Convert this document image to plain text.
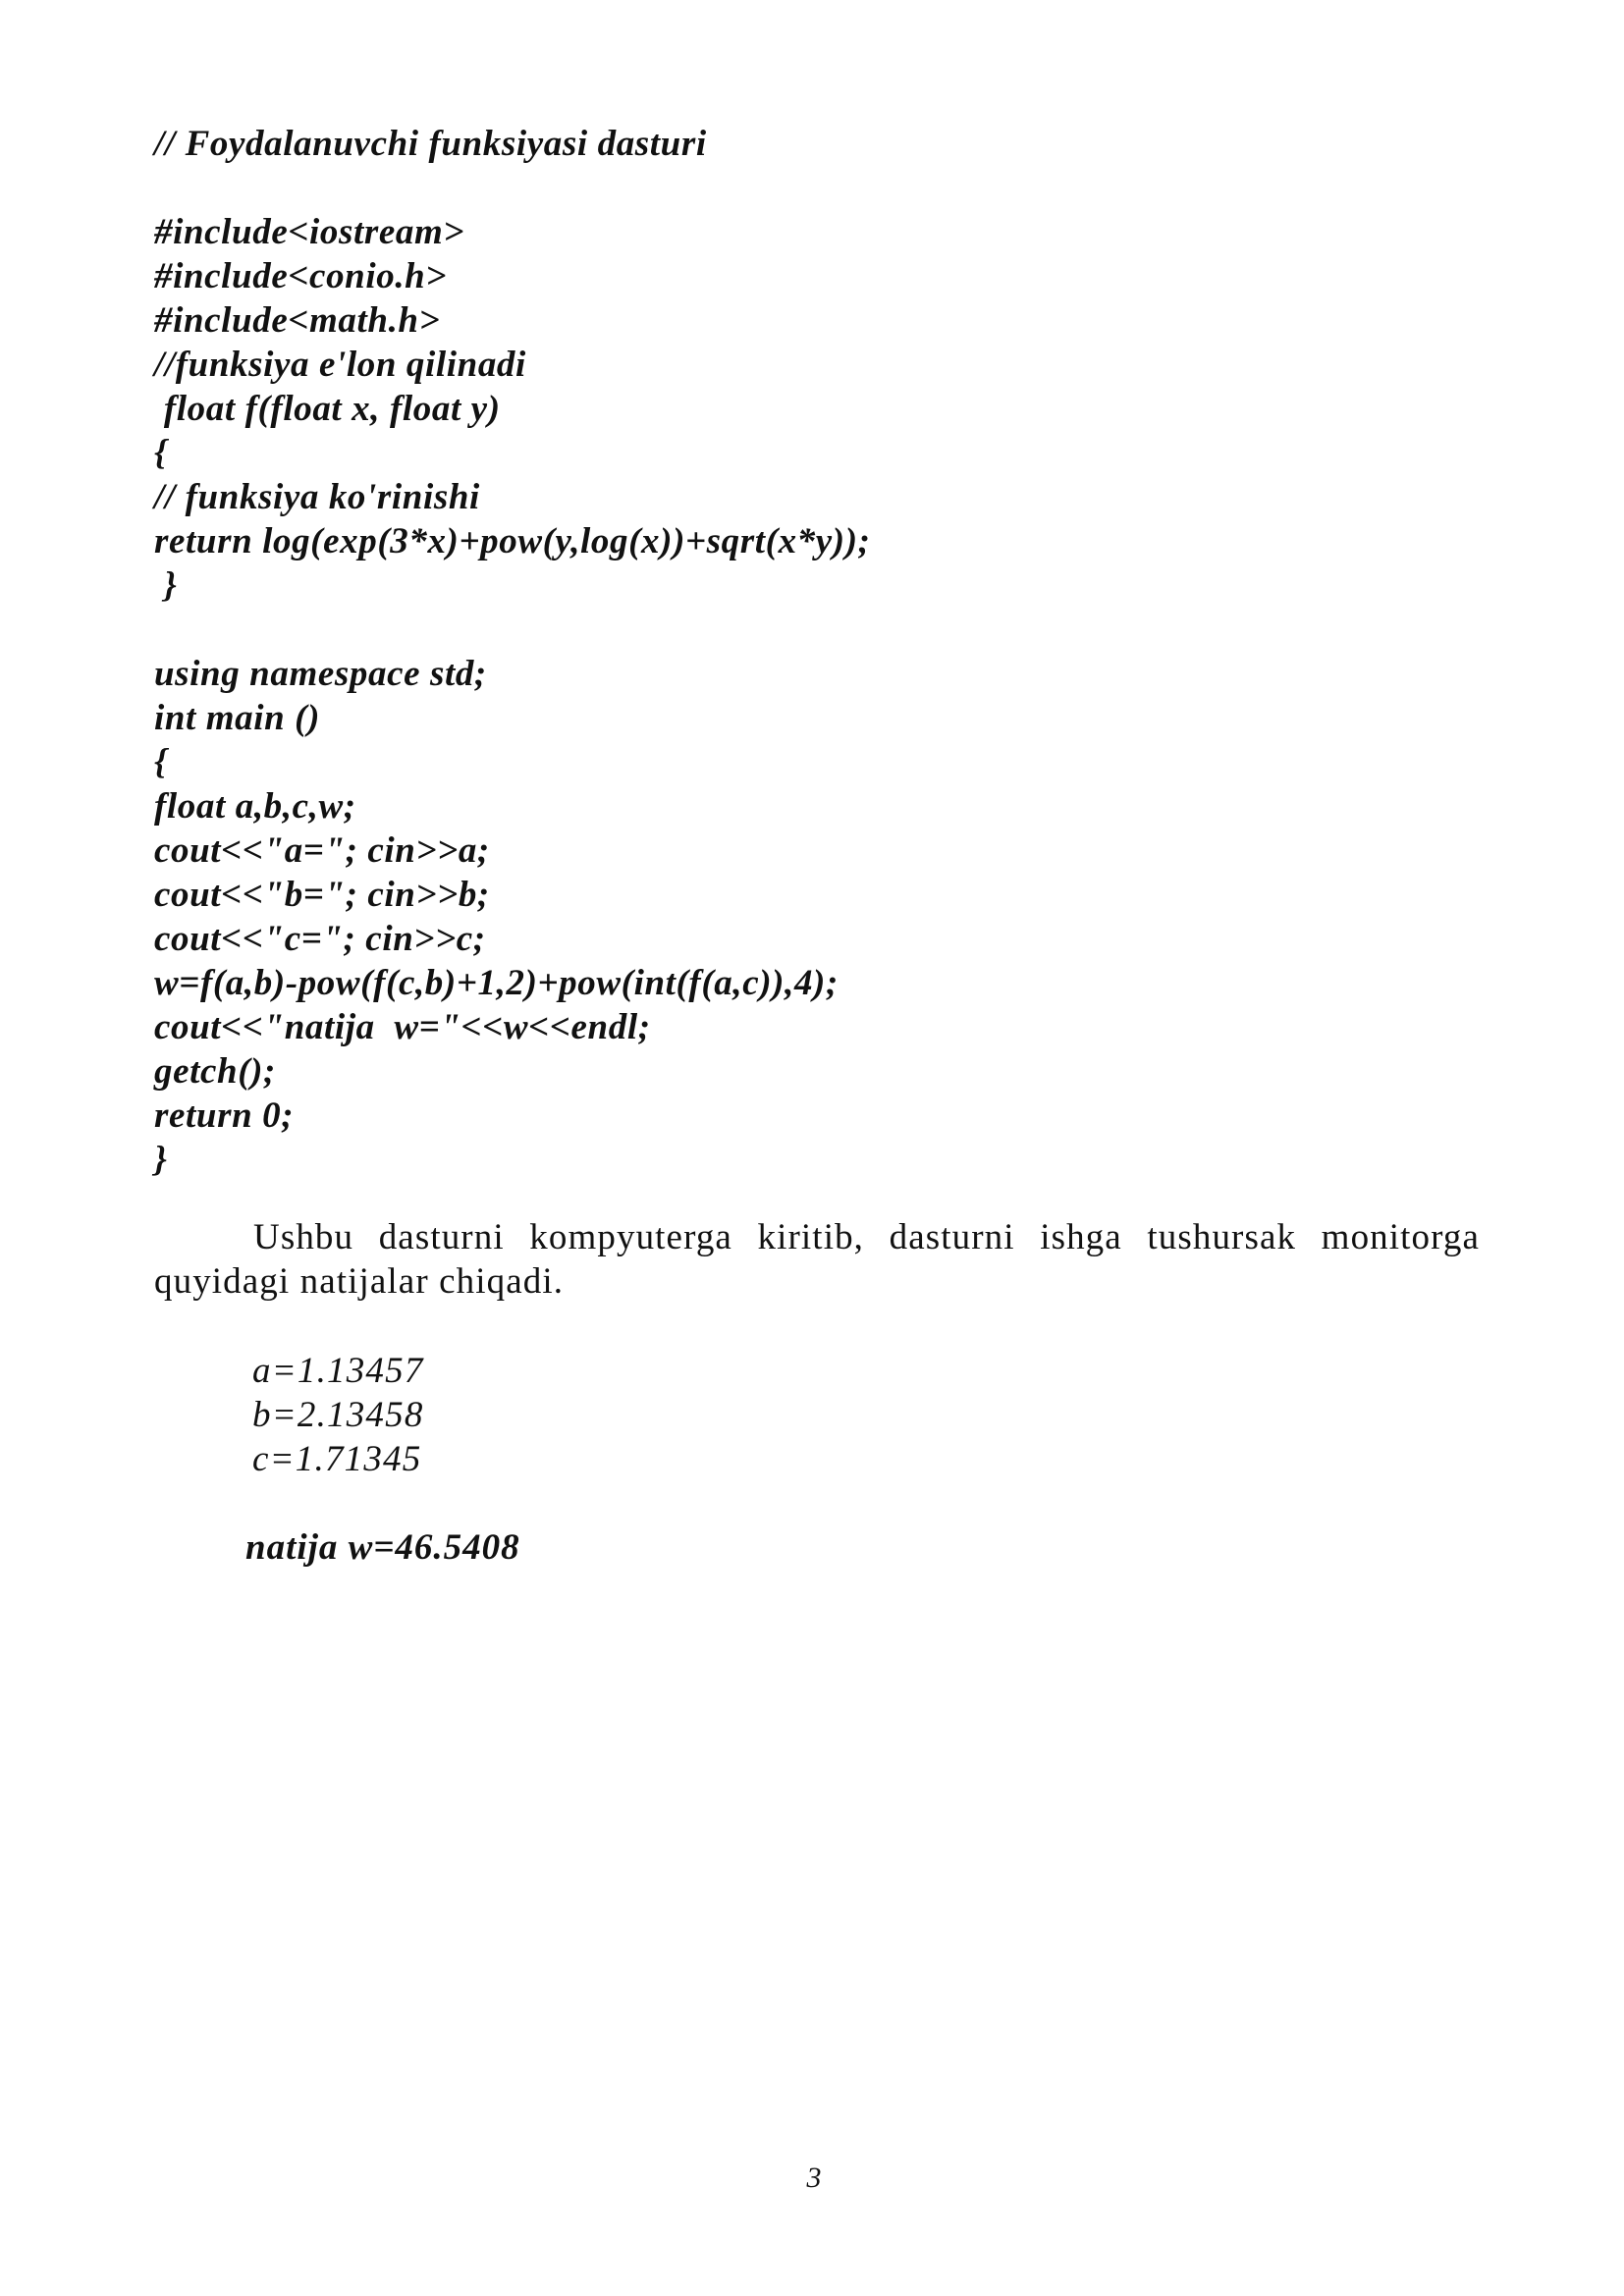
// Foydalanuvchi funksiyasi dasturi
#include<iostream>
#include<conio.h>
#include<math.h>
//funksiya e'lon qilinadi
float f(float x, float y)
{
// funksiya ko'rinishi
return log(exp(3*x)+pow(y,log(x))+sqrt(x*y));
}
using namespace std;
int main ()
{
float a,b,c,w;
cout<<"a="; cin>>a;
cout<<"b="; cin>>b;
cout<<"c="; cin>>c;
w=f(a,b)-pow(f(c,b)+1,2)+pow(int(f(a,c)),4);
cout<<"natija  w="<<w<<endl;
getch();
return 0;
}
Ushbu dasturni kompyuterga kiritib, dasturni ishga tushursak monitorga quyidagi natijalar chiqadi.
a=1.13457
b=2.13458
c=1.71345
natija w=46.5408
3
